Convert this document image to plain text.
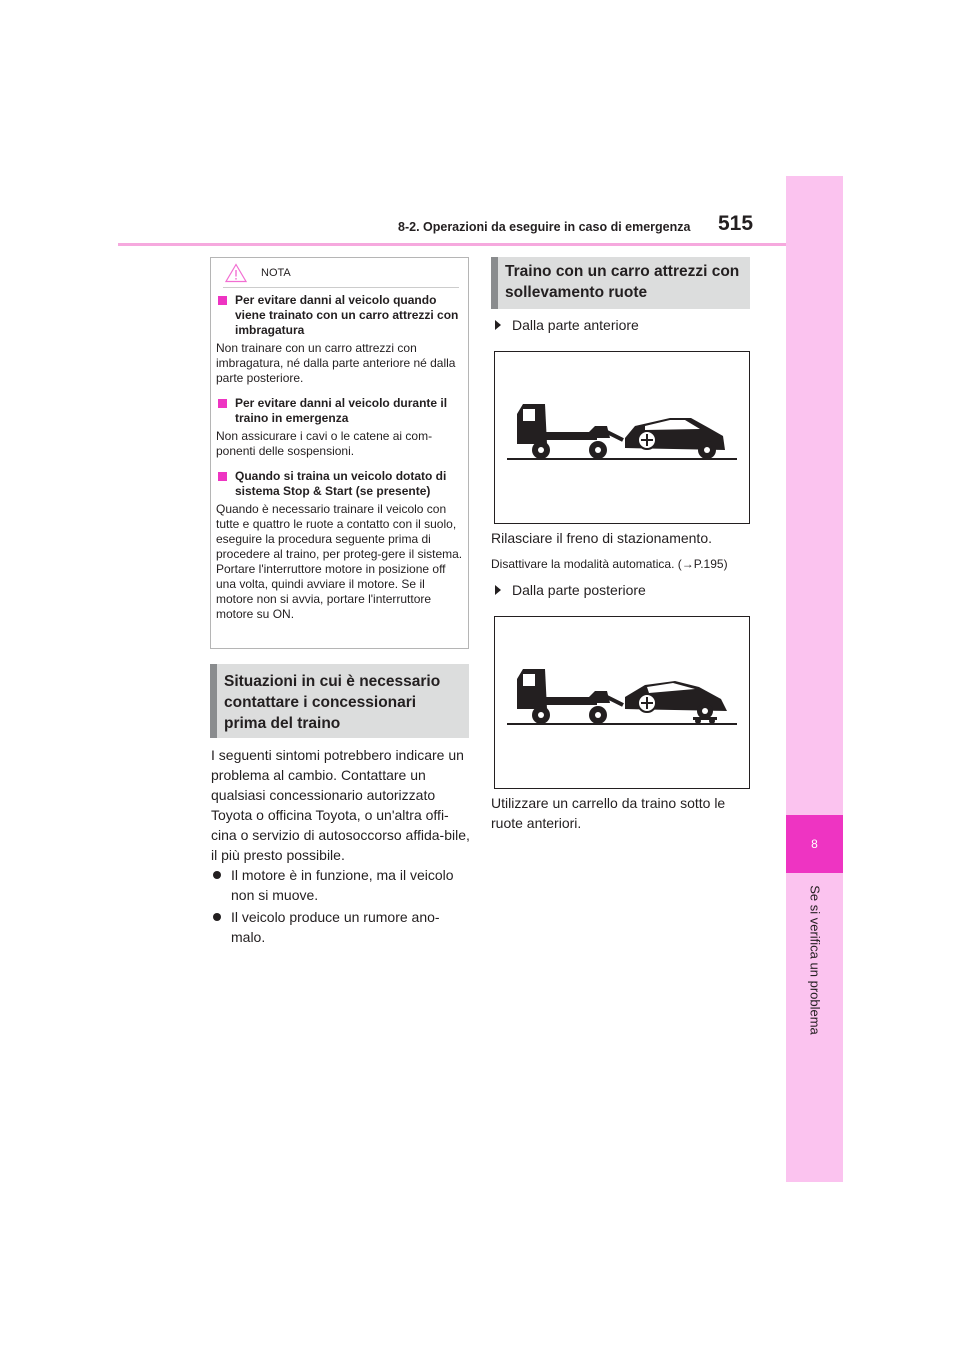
8
Se si verifica un problema
8-2. Operazioni da eseguire in caso di emergenza 515
NOTA
Per evitare danni al veicolo quando viene trainato con un carro attrezzi con imbragatura
Non trainare con un carro attrezzi con imbragatura, né dalla parte anteriore né dalla parte posteriore.
Per evitare danni al veicolo durante il traino in emergenza
Non assicurare i cavi o le catene ai com-ponenti delle sospensioni.
Quando si traina un veicolo dotato di sistema Stop & Start (se presente)
Quando è necessario trainare il veicolo con tutte e quattro le ruote a contatto con il suolo, eseguire la procedura seguente prima di procedere al traino, per proteg-gere il sistema. Portare l'interruttore motore in posizione off una volta, quindi avviare il motore. Se il motore non si avvia, portare l'interruttore motore su ON.
Situazioni in cui è necessario contattare i concessionari prima del traino
I seguenti sintomi potrebbero indicare un problema al cambio. Contattare un qualsiasi concessionario autorizzato Toyota o officina Toyota, o un'altra offi-cina o servizio di autosoccorso affida-bile, il più presto possibile.
Il motore è in funzione, ma il veicolo non si muove.
Il veicolo produce un rumore ano-malo.
Traino con un carro attrezzi con sollevamento ruote
Dalla parte anteriore
Rilasciare il freno di stazionamento.
Disattivare la modalità automatica. (→P.195)
Dalla parte posteriore
Utilizzare un carrello da traino sotto le ruote anteriori.
